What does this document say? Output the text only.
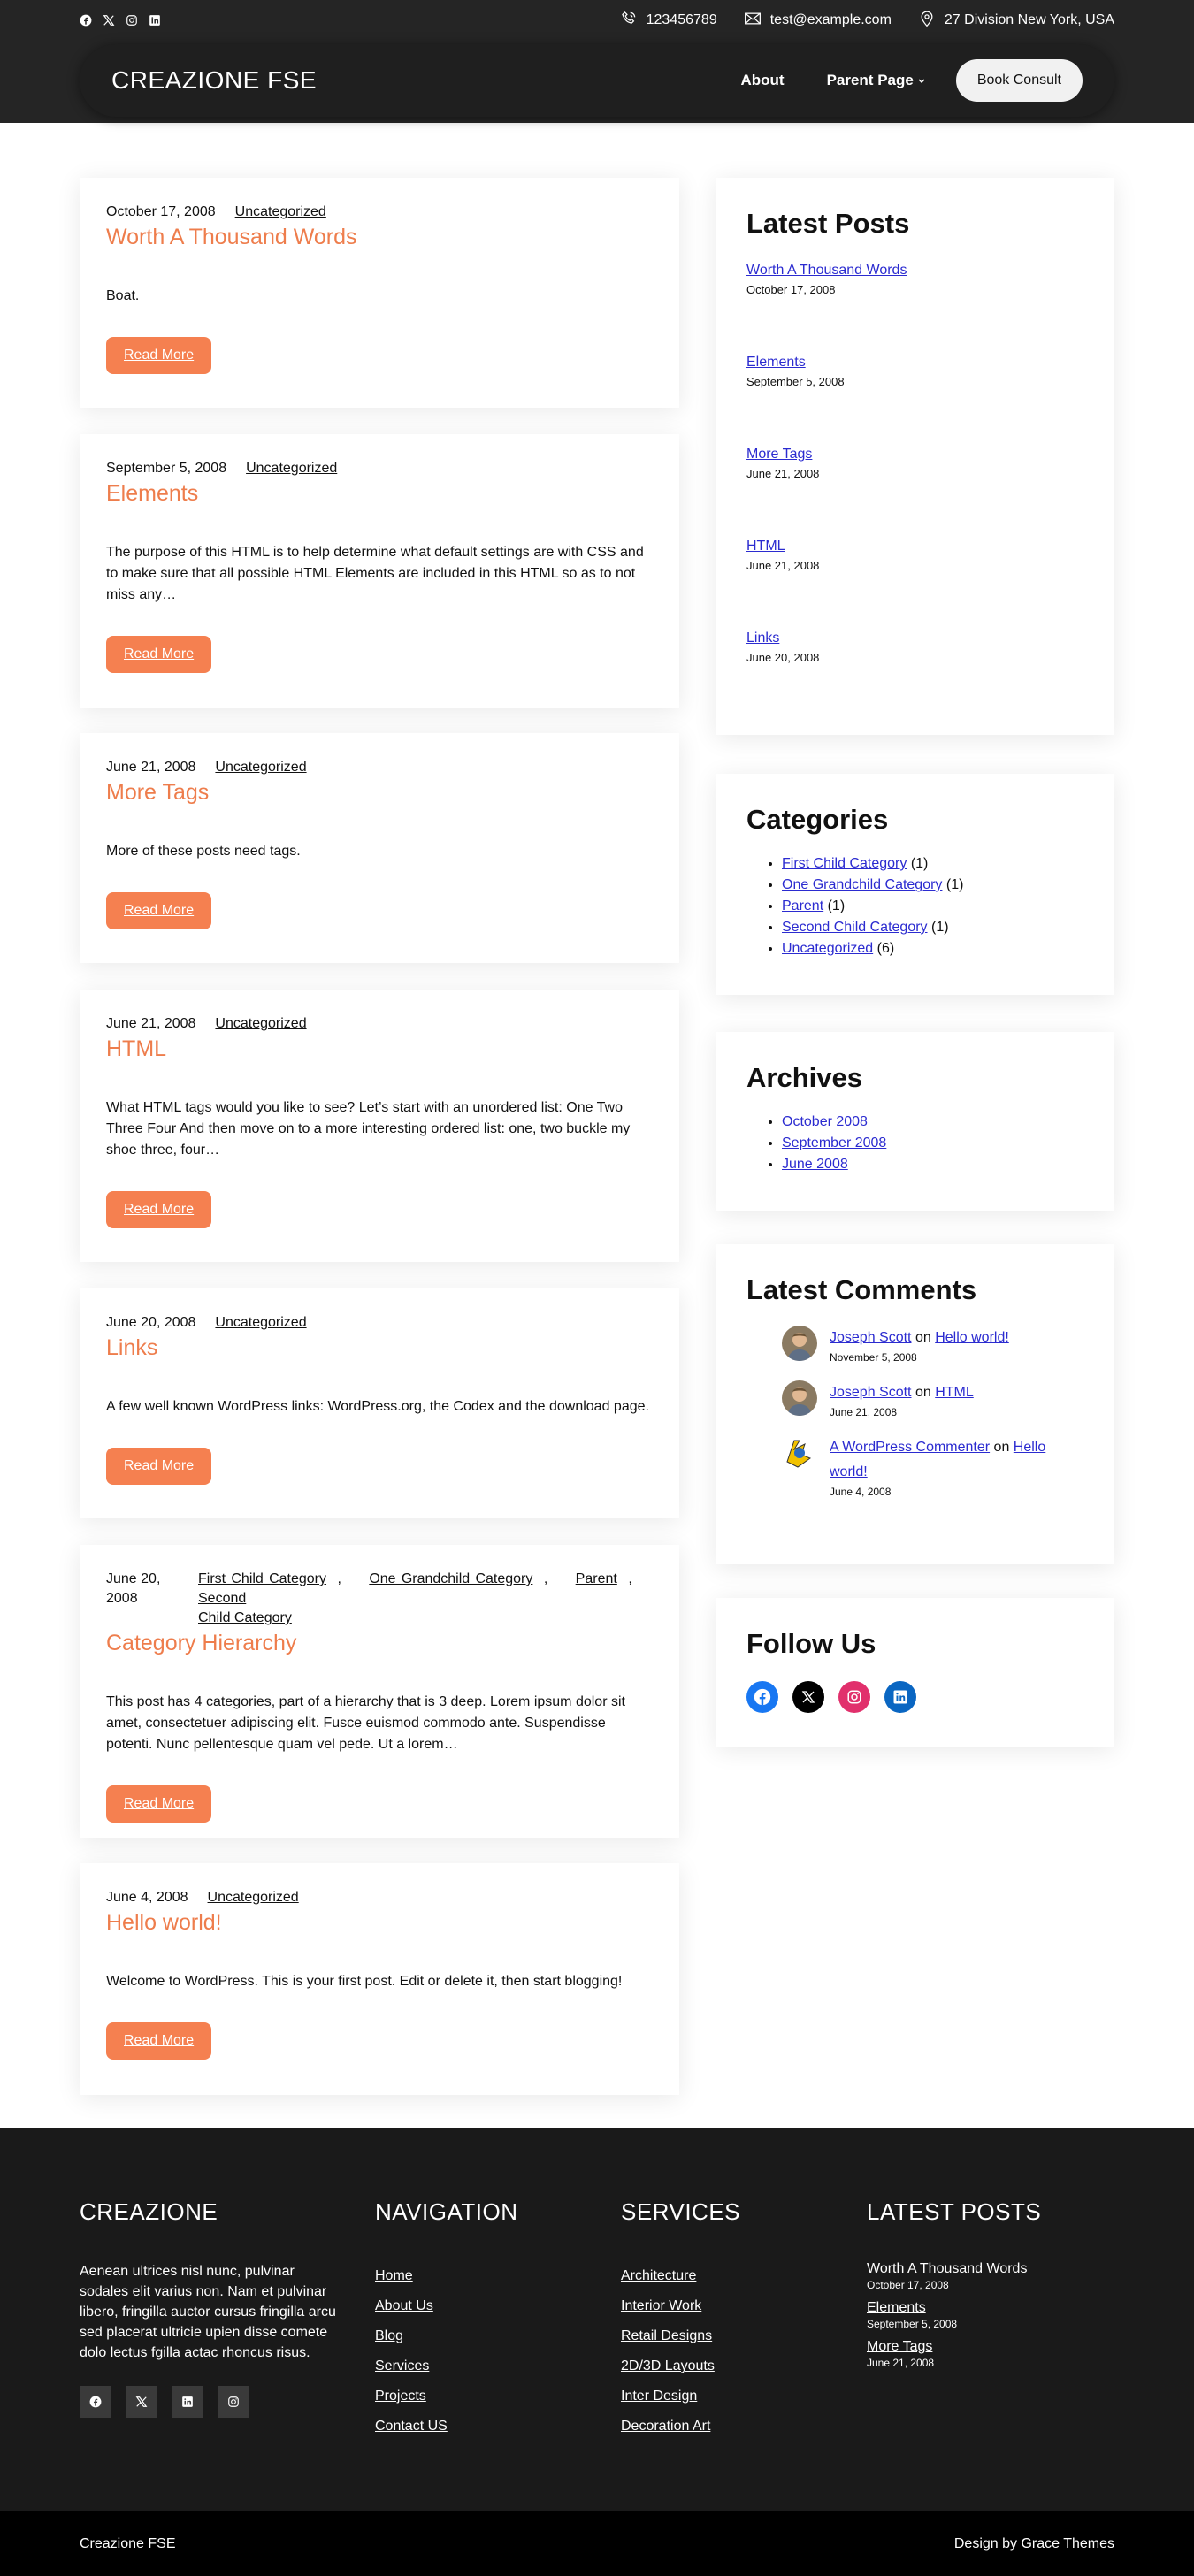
123456789	test@example.com	27 Division New York, USA
CREAZIONE FSE	About	Parent Page	Book Consult
October 17, 2008 Uncategorized
Worth A Thousand Words
Boat.
Read More
September 5, 2008 Uncategorized
Elements
The purpose of this HTML is to help determine what default settings are with CSS and to make sure that all possible HTML Elements are included in this HTML so as to not miss any…
Read More
June 21, 2008 Uncategorized
More Tags
More of these posts need tags.
Read More
June 21, 2008 Uncategorized
HTML
What HTML tags would you like to see? Let’s start with an unordered list: One Two Three Four And then move on to a more interesting ordered list: one, two buckle my shoe three, four…
Read More
June 20, 2008 Uncategorized
Links
A few well known WordPress links: WordPress.org, the Codex and the download page.
Read More
June 20,
2008
First Child Category  ,     One Grandchild Category  ,     Parent  ,     Second
Child Category
Category Hierarchy
This post has 4 categories, part of a hierarchy that is 3 deep. Lorem ipsum dolor sit amet, consectetuer adipiscing elit. Fusce euismod commodo ante. Suspendisse potenti. Nunc pellentesque quam vel pede. Ut a lorem…
Read More
June 4, 2008 Uncategorized
Hello world!
Welcome to WordPress. This is your first post. Edit or delete it, then start blogging!
Read More
Latest Posts
Worth A Thousand Words
October 17, 2008
Elements
September 5, 2008
More Tags
June 21, 2008
HTML
June 21, 2008
Links
June 20, 2008
Categories
• First Child Category (1)
• One Grandchild Category (1)
• Parent (1)
• Second Child Category (1)
• Uncategorized (6)
Archives
• October 2008
• September 2008
• June 2008
Latest Comments
Joseph Scott on Hello world!
November 5, 2008
Joseph Scott on HTML
June 21, 2008
A WordPress Commenter on Hello
world!
June 4, 2008
Follow Us
CREAZIONE

Aenean ultrices nisl nunc, pulvinar sodales elit varius non. Nam et pulvinar libero, fringilla auctor cursus fringilla arcu sed placerat ultricie upien disse comete dolo lectus fgilla actac rhoncus risus.

NAVIGATION
Home
About Us
Blog
Services
Projects
Contact US
SERVICES
Architecture
Interior Work
Retail Designs
2D/3D Layouts
Inter Design
Decoration Art
LATEST POSTS
Worth A Thousand Words
October 17, 2008
Elements
September 5, 2008
More Tags
June 21, 2008
Creazione FSE	Design by Grace Themes
